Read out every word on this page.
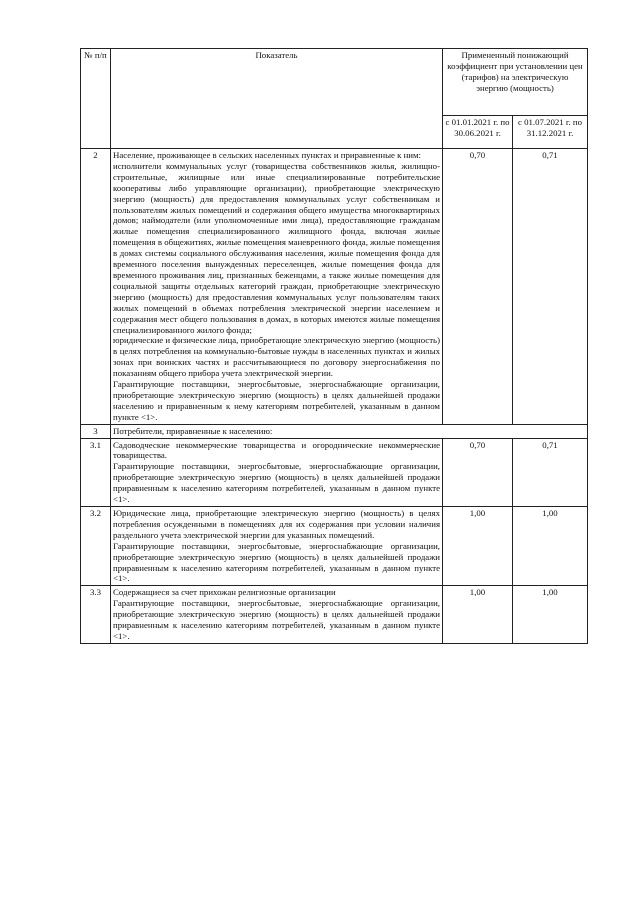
№ п/п	Показатель	Примененный понижающий коэффициент при установлении цен (тарифов) на электрическую энергию (мощность)	
		с 01.01.2021 г. по 30.06.2021 г.	с 01.07.2021 г. по 31.12.2021 г.
2	Население, проживающее в сельских населенных пунктах и приравненные к ним:

исполнители коммунальных услуг (товарищества собственников жилья, жилищно-строительные, жилищные или иные специализированные потребительские кооперативы либо управляющие организации), приобретающие электрическую энергию (мощность) для предоставления коммунальных услуг собственникам и пользователям жилых помещений и содержания общего имущества многоквартирных домов; наймодатели (или уполномоченные ими лица), предоставляющие гражданам жилые помещения специализированного жилищного фонда, включая жилые помещения в общежитиях, жилые помещения маневренного фонда, жилые помещения в домах системы социального обслуживания населения, жилые помещения фонда для временного поселения вынужденных переселенцев, жилые помещения фонда для временного проживания лиц, признанных беженцами, а также жилые помещения для социальной защиты отдельных категорий граждан, приобретающие электрическую энергию (мощность) для предоставления коммунальных услуг пользователям таких жилых помещений в объемах потребления электрической энергии населением и содержания мест общего пользования в домах, в которых имеются жилые помещения специализированного жилого фонда;

юридические и физические лица, приобретающие электрическую энергию (мощность) в целях потребления на коммунально-бытовые нужды в населенных пунктах и жилых зонах при воинских частях и рассчитывающиеся по договору энергоснабжения по показаниям общего прибора учета электрической энергии.

Гарантирующие поставщики, энергосбытовые, энергоснабжающие организации, приобретающие электрическую энергию (мощность) в целях дальнейшей продажи населению и приравненным к нему категориям потребителей, указанным в данном пункте <1>.	0,70	0,71
3	Потребители, приравненные к населению:		

3.1	Садоводческие некоммерческие товарищества и огороднические некоммерческие товарищества.

Гарантирующие поставщики, энергосбытовые, энергоснабжающие организации, приобретающие электрическую энергию (мощность) в целях дальнейшей продажи приравненным к населению категориям потребителей, указанным в данном пункте <1>.	0,70	0,71
3.2	Юридические лица, приобретающие электрическую энергию (мощность) в целях потребления осужденными в помещениях для их содержания при условии наличия раздельного учета электрической энергии для указанных помещений.

Гарантирующие поставщики, энергосбытовые, энергоснабжающие организации, приобретающие электрическую энергию (мощность) в целях дальнейшей продажи приравненным к населению категориям потребителей, указанным в данном пункте <1>.	1,00	1,00
3.3	Содержащиеся за счет прихожан религиозные организации

Гарантирующие поставщики, энергосбытовые, энергоснабжающие организации, приобретающие электрическую энергию (мощность) в целях дальнейшей продажи приравненным к населению категориям потребителей, указанным в данном пункте <1>.	1,00	1,00
